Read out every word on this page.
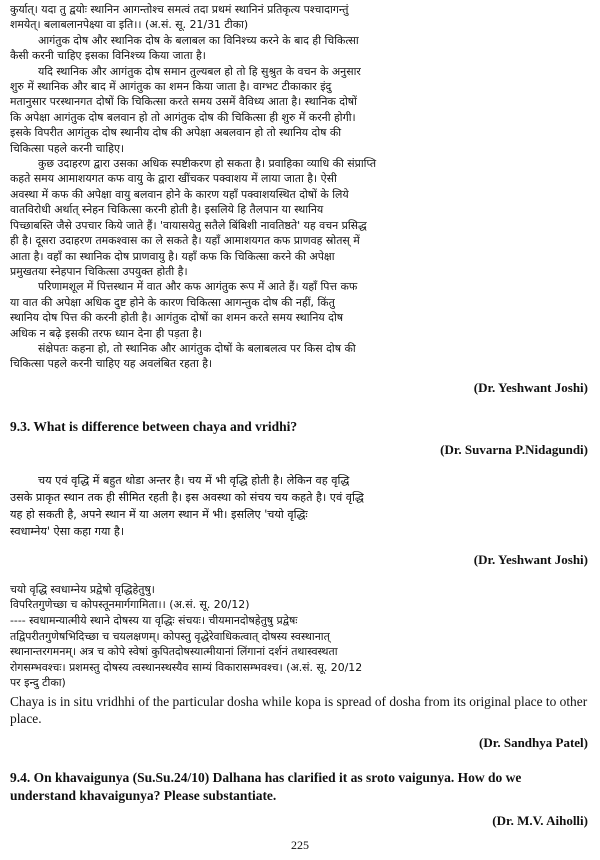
कुर्यात्। यदा तु द्वयोः स्थानिन आगन्तोश्च समत्वं तदा प्रथमं स्थानिनं प्रतिकृत्य पश्चादागन्तुं
शमयेत्। बलाबलानपेक्ष्या वा इति।। (अ.सं. सू. 21/31 टीका)
आगंतुक दोष और स्थानिक दोष के बलाबल का विनिश्च्य करने के बाद ही चिकित्सा
कैसी करनी चाहिए इसका विनिश्च्य किया जाता है।
यदि स्थानिक और आगंतुक दोष समान तुल्यबल हो तो हि सुश्रुत के वचन के अनुसार
शुरु में स्थानिक और बाद में आगंतुक का शमन किया जाता है। वाग्भट टीकाकार इंदु
मतानुसार परस्थानगत दोषों कि चिकित्सा करते समय उसमें वैविध्य आता है। स्थानिक दोषों
कि अपेक्षा आगंतुक दोष बलवान हो तो आगंतुक दोष की चिकित्सा ही शुरु में करनी होगी।
इसके विपरीत आगंतुक दोष स्थानीय दोष की अपेक्षा अबलवान हो तो स्थानिय दोष की
चिकित्सा पहले करनी चाहिए।
कुछ उदाहरण द्वारा उसका अधिक स्पष्टीकरण हो सकता है। प्रवाहिका व्याधि की संप्राप्ति
कहते समय आमाशयगत कफ वायु के द्वारा खींचकर पक्वाशय में लाया जाता है। ऐसी
अवस्था में कफ की अपेक्षा वायु बलवान होने के कारण यहाँ पक्वाशयस्थित दोषों के लिये
वातविरोधी अर्थात् स्नेहन चिकित्सा करनी होती है। इसलिये हि तैलपान या स्थानिय
पिच्छाबस्ति जैसे उपचार किये जाते हैं। 'वायासयेतु सतैले बिंबिशी नावतिष्ठते' यह वचन प्रसिद्ध
ही है। दूसरा उदाहरण तमकश्वास का ले सकते है। यहाँ आमाशयगत कफ प्राणवह स्रोतस् में
आता है। वहाँ का स्थानिक दोष प्राणवायु है। यहाँ कफ कि चिकित्सा करने की अपेक्षा
प्रमुखतया स्नेहपान चिकित्सा उपयुक्त होती है।
परिणामशूल में पित्तस्थान में वात और कफ आगंतुक रूप में आते हैं। यहाँ पित्त कफ
या वात की अपेक्षा अधिक दुष्ट होने के कारण चिकित्सा आगन्तुक दोष की नहीं, किंतु
स्थानिय दोष पित्त की करनी होती है। आगंतुक दोषों का शमन करते समय स्थानिय दोष
अधिक न बढ़े इसकी तरफ ध्यान देना ही पड़ता है।
संक्षेपतः कहना हो, तो स्थानिक और आगंतुक दोषों के बलाबलत्व पर किस दोष की
चिकित्सा पहले करनी चाहिए यह अवलंबित रहता है।

(Dr. Yeshwant Joshi)

9.3. What is difference between chaya and vridhi?

(Dr. Suvarna P.Nidagundi)

चय एवं वृद्धि में बहुत थोडा अन्तर है। चय में भी वृद्धि होती है। लेकिन वह वृद्धि
उसके प्राकृत स्थान तक ही सीमित रहती है। इस अवस्था को संचय चय कहते है। एवं वृद्धि
यह हो सकती है, अपने स्थान में या अलग स्थान में भी। इसलिए 'चयो वृद्धिः
स्वधाम्नेय' ऐसा कहा गया है।

(Dr. Yeshwant Joshi)

चयो वृद्धि स्वधाम्नेय प्रद्वेषो वृद्धिहेतुषु।
विपरितगुणेच्छा च कोपस्तूनमार्गगामिता।। (अ.सं. सू. 20/12)
---- स्वधामन्यात्मीये स्थाने दोषस्य या वृद्धिः संचयः। चीयमानदोषहेतुषु प्रद्वेषः
तद्विपरीतगुणेषभिदिच्छा च चयलक्षणम्। कोपस्तु वृद्धेरेवाधिकत्वात् दोषस्य स्वस्थानात्
स्थानान्तरगमनम्। अत्र च कोपे स्वेषां कुपितदोषस्यात्मीयानां लिंगानां दर्शनं तथास्वस्थता
रोगसम्भवश्चः। प्रशमस्तु दोषस्य त्वस्थानस्थस्यैव साम्यं विकारासम्भवश्च। (अ.सं. सू. 20/12
पर इन्दु टीका)

Chaya is in situ vridhhi of the particular dosha while kopa is spread of dosha from its original place to other place.

(Dr. Sandhya Patel)

9.4. On khavaigunya (Su.Su.24/10) Dalhana has clarified it as sroto vaigunya. How do we understand khavaigunya? Please substantiate.

(Dr. M.V. Aiholli)

225
